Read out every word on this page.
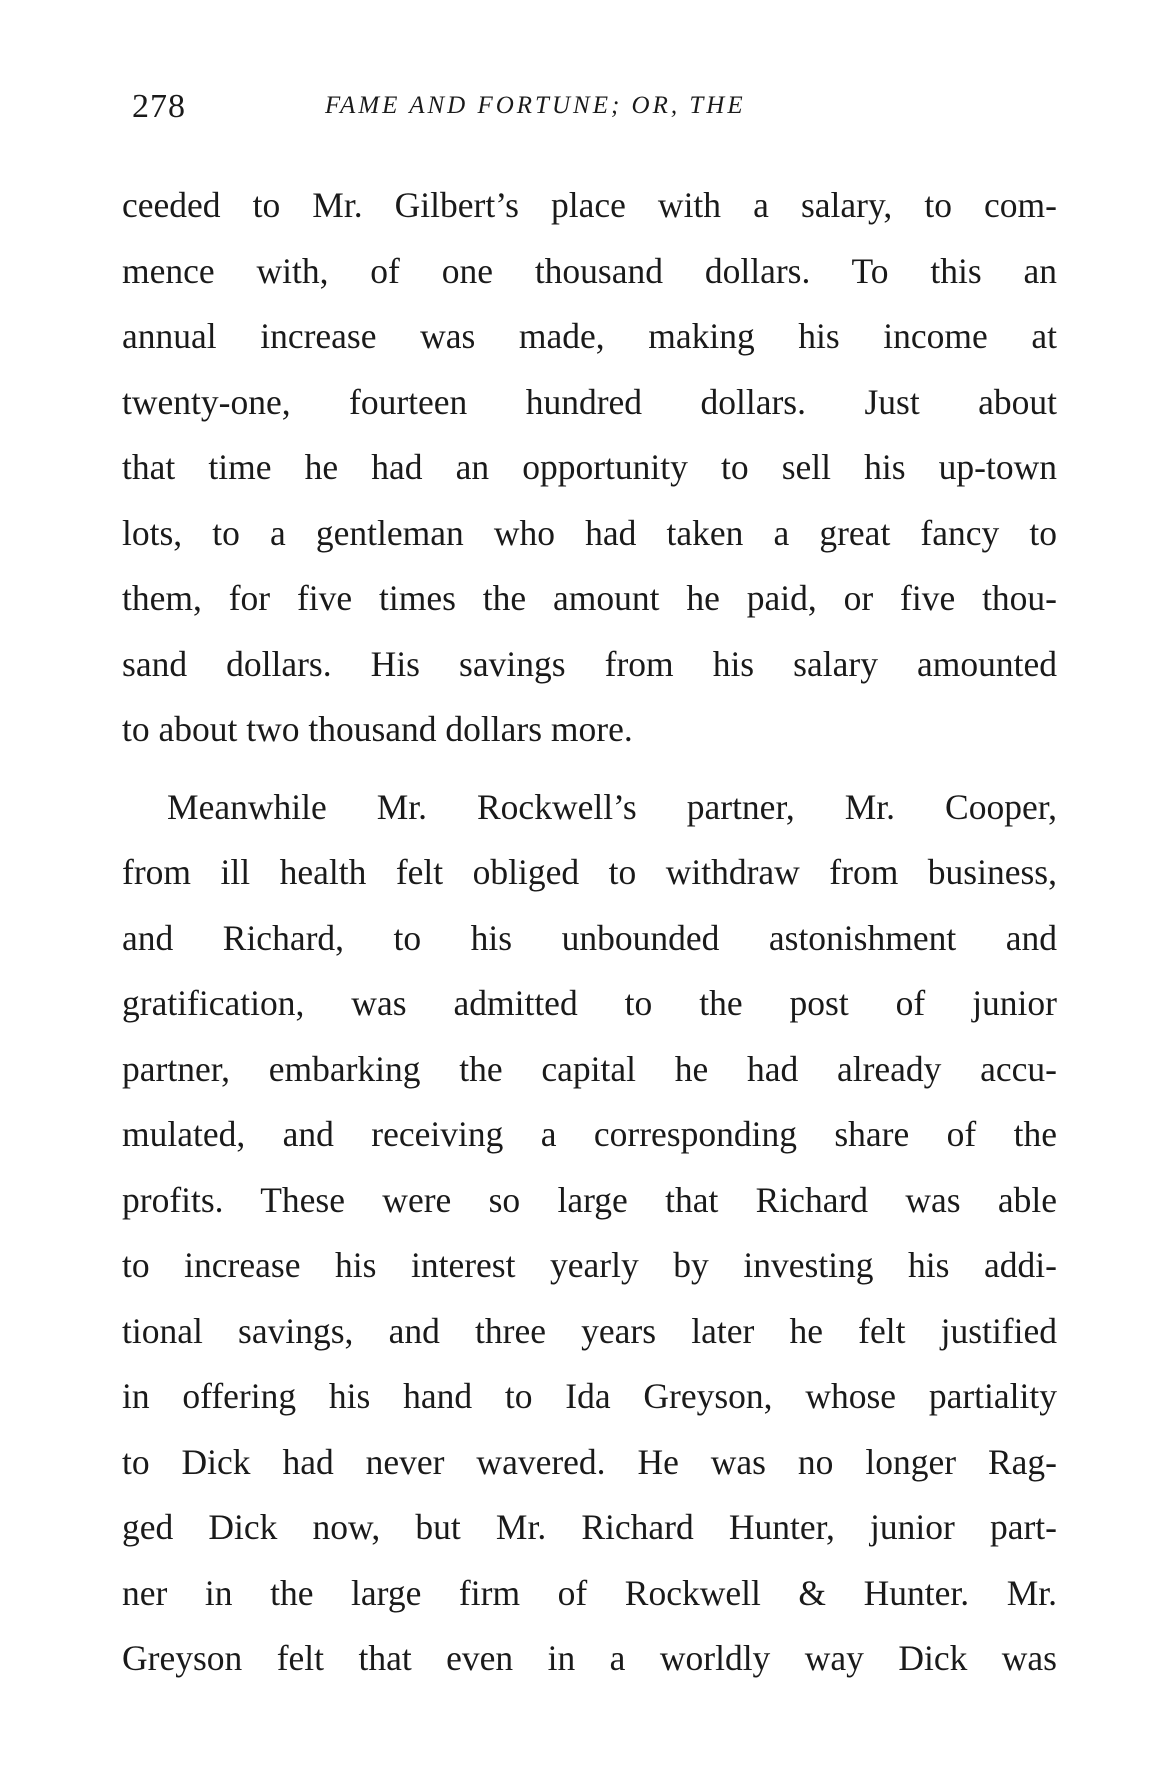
278	FAME AND FORTUNE; OR, THE
ceeded to Mr. Gilbert’s place with a salary, to com-
mence with, of one thousand dollars. To this an
annual increase was made, making his income at
twenty-one, fourteen hundred dollars. Just about
that time he had an opportunity to sell his up-town
lots, to a gentleman who had taken a great fancy to
them, for five times the amount he paid, or five thou-
sand dollars. His savings from his salary amounted
to about two thousand dollars more.
Meanwhile Mr. Rockwell’s partner, Mr. Cooper,
from ill health felt obliged to withdraw from business,
and Richard, to his unbounded astonishment and
gratification, was admitted to the post of junior
partner, embarking the capital he had already accu-
mulated, and receiving a corresponding share of the
profits. These were so large that Richard was able
to increase his interest yearly by investing his addi-
tional savings, and three years later he felt justified
in offering his hand to Ida Greyson, whose partiality
to Dick had never wavered. He was no longer Rag-
ged Dick now, but Mr. Richard Hunter, junior part-
ner in the large firm of Rockwell & Hunter. Mr.
Greyson felt that even in a worldly way Dick was
